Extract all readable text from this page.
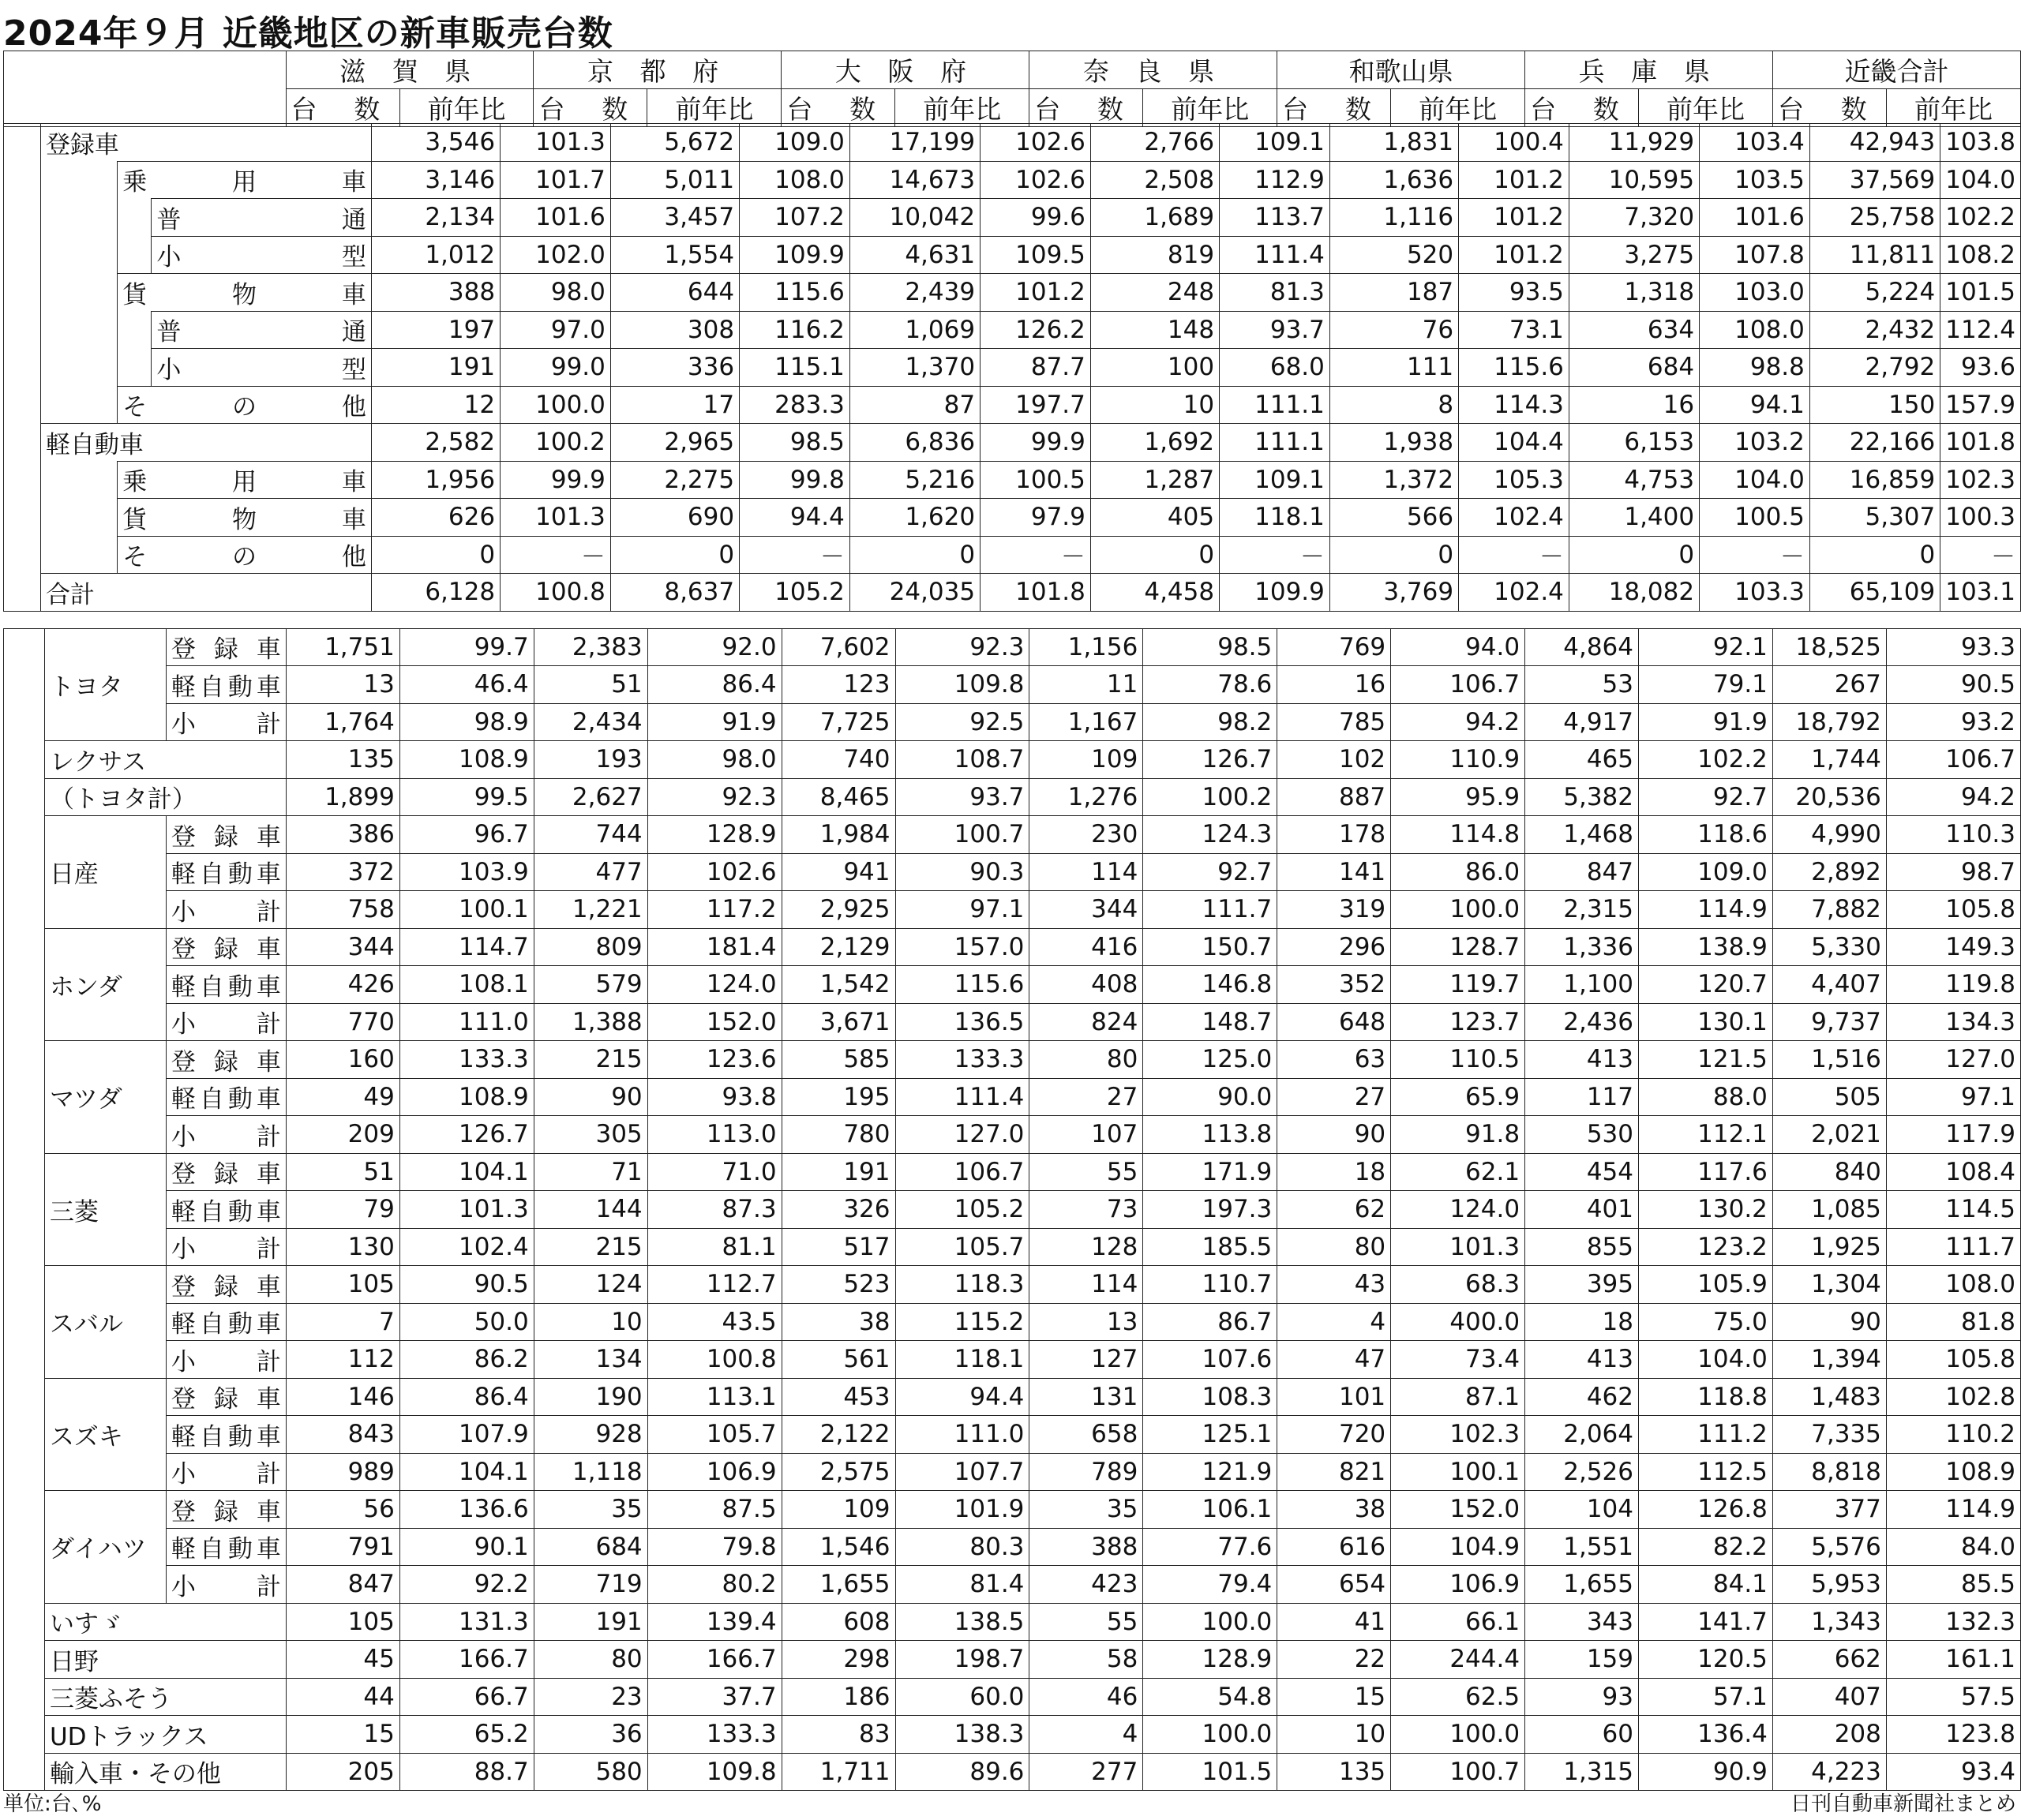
2024年９月 近畿地区の新車販売台数
	滋 賀 県		京 都 府		大 阪 府		奈 良 県		和歌山県		兵 庫 県		近畿合計	
	台 数	前年比	台 数	前年比	台 数	前年比	台 数	前年比	台 数	前年比	台 数	前年比	台 数	前年比
	登録車			3,546	101.3	5,672	109.0	17,199	102.6	2,766	109.1	1,831	100.4	11,929	103.4	42,943	103.8
		乗用車		3,146	101.7	5,011	108.0	14,673	102.6	2,508	112.9	1,636	101.2	10,595	103.5	37,569	104.0
			普通	2,134	101.6	3,457	107.2	10,042	99.6	1,689	113.7	1,116	101.2	7,320	101.6	25,758	102.2
			小型	1,012	102.0	1,554	109.9	4,631	109.5	819	111.4	520	101.2	3,275	107.8	11,811	108.2
		貨物車		388	98.0	644	115.6	2,439	101.2	248	81.3	187	93.5	1,318	103.0	5,224	101.5
			普通	197	97.0	308	116.2	1,069	126.2	148	93.7	76	73.1	634	108.0	2,432	112.4
			小型	191	99.0	336	115.1	1,370	87.7	100	68.0	111	115.6	684	98.8	2,792	93.6
		その他		12	100.0	17	283.3	87	197.7	10	111.1	8	114.3	16	94.1	150	157.9
	軽自動車			2,582	100.2	2,965	98.5	6,836	99.9	1,692	111.1	1,938	104.4	6,153	103.2	22,166	101.8
		乗用車		1,956	99.9	2,275	99.8	5,216	100.5	1,287	109.1	1,372	105.3	4,753	104.0	16,859	102.3
		貨物車		626	101.3	690	94.4	1,620	97.9	405	118.1	566	102.4	1,400	100.5	5,307	100.3
		その他		0	－	0	－	0	－	0	－	0	－	0	－	0	－
	合計			6,128	100.8	8,637	105.2	24,035	101.8	4,458	109.9	3,769	102.4	18,082	103.3	65,109	103.1
	トヨタ	登録車	1,751	99.7	2,383	92.0	7,602	92.3	1,156	98.5	769	94.0	4,864	92.1	18,525	93.3
		軽自動車	13	46.4	51	86.4	123	109.8	11	78.6	16	106.7	53	79.1	267	90.5
		小計	1,764	98.9	2,434	91.9	7,725	92.5	1,167	98.2	785	94.2	4,917	91.9	18,792	93.2
	レクサス		135	108.9	193	98.0	740	108.7	109	126.7	102	110.9	465	102.2	1,744	106.7
	（トヨタ計）		1,899	99.5	2,627	92.3	8,465	93.7	1,276	100.2	887	95.9	5,382	92.7	20,536	94.2
	日産	登録車	386	96.7	744	128.9	1,984	100.7	230	124.3	178	114.8	1,468	118.6	4,990	110.3
		軽自動車	372	103.9	477	102.6	941	90.3	114	92.7	141	86.0	847	109.0	2,892	98.7
		小計	758	100.1	1,221	117.2	2,925	97.1	344	111.7	319	100.0	2,315	114.9	7,882	105.8
	ホンダ	登録車	344	114.7	809	181.4	2,129	157.0	416	150.7	296	128.7	1,336	138.9	5,330	149.3
		軽自動車	426	108.1	579	124.0	1,542	115.6	408	146.8	352	119.7	1,100	120.7	4,407	119.8
		小計	770	111.0	1,388	152.0	3,671	136.5	824	148.7	648	123.7	2,436	130.1	9,737	134.3
	マツダ	登録車	160	133.3	215	123.6	585	133.3	80	125.0	63	110.5	413	121.5	1,516	127.0
		軽自動車	49	108.9	90	93.8	195	111.4	27	90.0	27	65.9	117	88.0	505	97.1
		小計	209	126.7	305	113.0	780	127.0	107	113.8	90	91.8	530	112.1	2,021	117.9
	三菱	登録車	51	104.1	71	71.0	191	106.7	55	171.9	18	62.1	454	117.6	840	108.4
		軽自動車	79	101.3	144	87.3	326	105.2	73	197.3	62	124.0	401	130.2	1,085	114.5
		小計	130	102.4	215	81.1	517	105.7	128	185.5	80	101.3	855	123.2	1,925	111.7
	スバル	登録車	105	90.5	124	112.7	523	118.3	114	110.7	43	68.3	395	105.9	1,304	108.0
		軽自動車	7	50.0	10	43.5	38	115.2	13	86.7	4	400.0	18	75.0	90	81.8
		小計	112	86.2	134	100.8	561	118.1	127	107.6	47	73.4	413	104.0	1,394	105.8
	スズキ	登録車	146	86.4	190	113.1	453	94.4	131	108.3	101	87.1	462	118.8	1,483	102.8
		軽自動車	843	107.9	928	105.7	2,122	111.0	658	125.1	720	102.3	2,064	111.2	7,335	110.2
		小計	989	104.1	1,118	106.9	2,575	107.7	789	121.9	821	100.1	2,526	112.5	8,818	108.9
	ダイハツ	登録車	56	136.6	35	87.5	109	101.9	35	106.1	38	152.0	104	126.8	377	114.9
		軽自動車	791	90.1	684	79.8	1,546	80.3	388	77.6	616	104.9	1,551	82.2	5,576	84.0
		小計	847	92.2	719	80.2	1,655	81.4	423	79.4	654	106.9	1,655	84.1	5,953	85.5
	いすゞ		105	131.3	191	139.4	608	138.5	55	100.0	41	66.1	343	141.7	1,343	132.3
	日野		45	166.7	80	166.7	298	198.7	58	128.9	22	244.4	159	120.5	662	161.1
	三菱ふそう		44	66.7	23	37.7	186	60.0	46	54.8	15	62.5	93	57.1	407	57.5
	UDトラックス		15	65.2	36	133.3	83	138.3	4	100.0	10	100.0	60	136.4	208	123.8
	輸入車・その他		205	88.7	580	109.8	1,711	89.6	277	101.5	135	100.7	1,315	90.9	4,223	93.4
単位:台､%	日刊自動車新聞社まとめ
